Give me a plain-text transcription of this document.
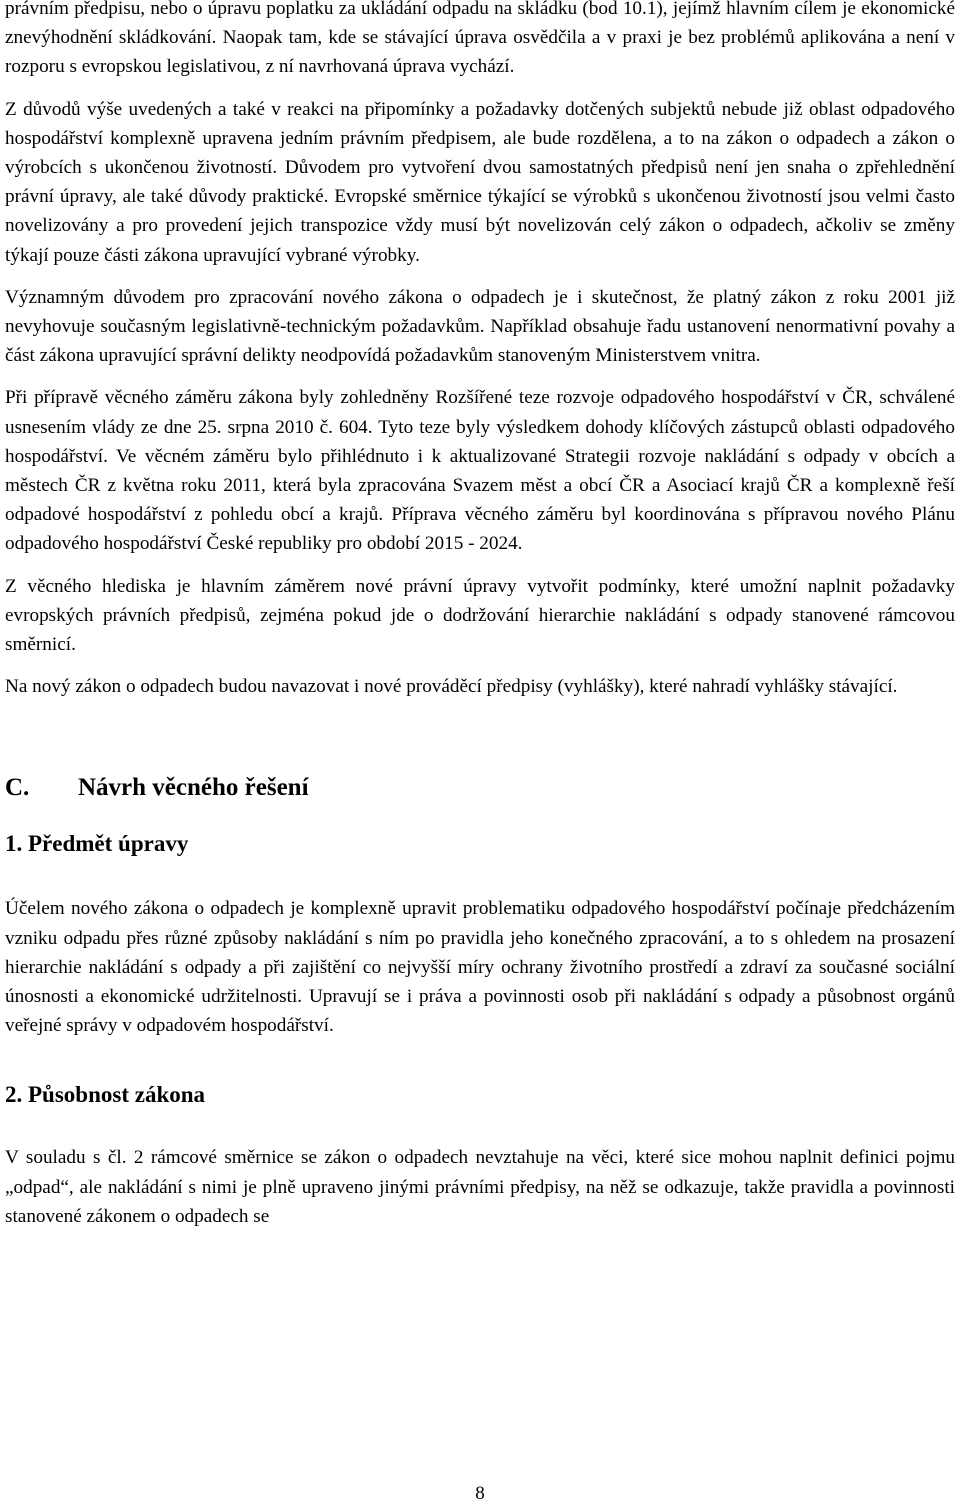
právním předpisu, nebo o úpravu poplatku za ukládání odpadu na skládku (bod 10.1), jejímž hlavním cílem je ekonomické znevýhodnění skládkování. Naopak tam, kde se stávající úprava osvědčila a v praxi je bez problémů aplikována a není v rozporu s evropskou legislativou, z ní navrhovaná úprava vychází.

Z důvodů výše uvedených a také v reakci na připomínky a požadavky dotčených subjektů nebude již oblast odpadového hospodářství komplexně upravena jedním právním předpisem, ale bude rozdělena, a to na zákon o odpadech a zákon o výrobcích s ukončenou životností. Důvodem pro vytvoření dvou samostatných předpisů není jen snaha o zpřehlednění právní úpravy, ale také důvody praktické. Evropské směrnice týkající se výrobků s ukončenou životností jsou velmi často novelizovány a pro provedení jejich transpozice vždy musí být novelizován celý zákon o odpadech, ačkoliv se změny týkají pouze části zákona upravující vybrané výrobky.

Významným důvodem pro zpracování nového zákona o odpadech je i skutečnost, že platný zákon z roku 2001 již nevyhovuje současným legislativně-technickým požadavkům. Například obsahuje řadu ustanovení nenormativní povahy a část zákona upravující správní delikty neodpovídá požadavkům stanoveným Ministerstvem vnitra.

Při přípravě věcného záměru zákona byly zohledněny Rozšířené teze rozvoje odpadového hospodářství v ČR, schválené usnesením vlády ze dne 25. srpna 2010 č. 604. Tyto teze byly výsledkem dohody klíčových zástupců oblasti odpadového hospodářství. Ve věcném záměru bylo přihlédnuto i k aktualizované Strategii rozvoje nakládání s odpady v obcích a městech ČR z května roku 2011, která byla zpracována Svazem měst a obcí ČR a Asociací krajů ČR a komplexně řeší odpadové hospodářství z pohledu obcí a krajů. Příprava věcného záměru byl koordinována s přípravou nového Plánu odpadového hospodářství České republiky pro období 2015 - 2024.

Z věcného hlediska je hlavním záměrem nové právní úpravy vytvořit podmínky, které umožní naplnit požadavky evropských právních předpisů, zejména pokud jde o dodržování hierarchie nakládání s odpady stanovené rámcovou směrnicí.

Na nový zákon o odpadech budou navazovat i nové prováděcí předpisy (vyhlášky), které nahradí vyhlášky stávající.

C.	Návrh věcného řešení
1. Předmět úpravy

Účelem nového zákona o odpadech je komplexně upravit problematiku odpadového hospodářství počínaje předcházením vzniku odpadu přes různé způsoby nakládání s ním po pravidla jeho konečného zpracování, a to s ohledem na prosazení hierarchie nakládání s odpady a při zajištění co nejvyšší míry ochrany životního prostředí a zdraví za současné sociální únosnosti a ekonomické udržitelnosti. Upravují se i práva a povinnosti osob při nakládání s odpady a působnost orgánů veřejné správy v odpadovém hospodářství.

2. Působnost zákona

V souladu s čl. 2 rámcové směrnice se zákon o odpadech nevztahuje na věci, které sice mohou naplnit definici pojmu „odpad“, ale nakládání s nimi je plně upraveno jinými právními předpisy, na něž se odkazuje, takže pravidla a povinnosti stanovené zákonem o odpadech se

8
